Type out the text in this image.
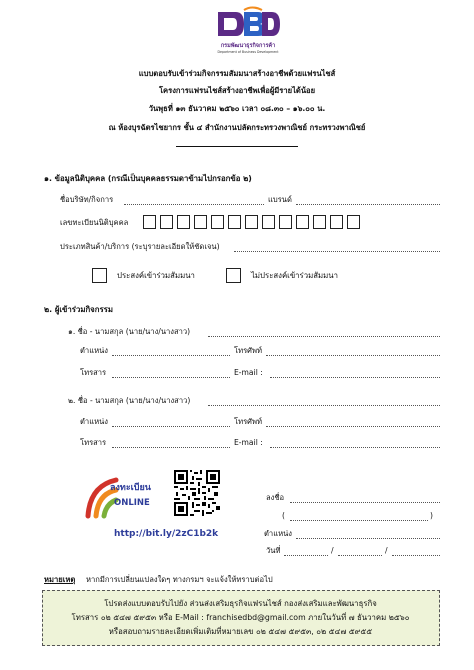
กรมพัฒนาธุรกิจการค้า
Department of Business Development
แบบตอบรับเข้าร่วมกิจกรรมสัมมนาสร้างอาชีพด้วยแฟรนไชส์
โครงการแฟรนไชส์สร้างอาชีพเพื่อผู้มีรายได้น้อย
วันพุธที่ ๑๓ ธันวาคม ๒๕๖๐ เวลา ๐๘.๓๐ – ๑๖.๐๐ น.
ณ ห้องบุรฉัตรไชยากร ชั้น ๔ สำนักงานปลัดกระทรวงพาณิชย์ กระทรวงพาณิชย์
๑. ข้อมูลนิติบุคคล (กรณีเป็นบุคคลธรรมดาข้ามไปกรอกข้อ ๒)
ชื่อบริษัท/กิจการ	แบรนด์
เลขทะเบียนนิติบุคคล
ประเภทสินค้า/บริการ (ระบุรายละเอียดให้ชัดเจน)
ประสงค์เข้าร่วมสัมมนา	ไม่ประสงค์เข้าร่วมสัมมนา
๒. ผู้เข้าร่วมกิจกรรม
๑. ชื่อ - นามสกุล (นาย/นาง/นางสาว)
ตำแหน่ง	โทรศัพท์
โทรสาร	E-mail :
๒. ชื่อ - นามสกุล (นาย/นาง/นางสาว)
ตำแหน่ง	โทรศัพท์
โทรสาร	E-mail :
ลงทะเบียน
ONLINE
http://bit.ly/2zC1b2k
ลงชื่อ
(	)
ตำแหน่ง
วันที่	/	/
หมายเหตุ หากมีการเปลี่ยนแปลงใดๆ ทางกรมฯ จะแจ้งให้ทราบต่อไป
โปรดส่งแบบตอบรับไปยัง ส่วนส่งเสริมธุรกิจแฟรนไชส์ กองส่งเสริมและพัฒนาธุรกิจ
โทรสาร ๐๒ ๕๔๗ ๕๙๕๓ หรือ E-Mail : franchisedbd@gmail.com ภายในวันที่ ๗ ธันวาคม ๒๕๖๐
หรือสอบถามรายละเอียดเพิ่มเติมที่หมายเลข ๐๒ ๕๔๗ ๕๙๕๓, ๐๒ ๕๔๗ ๕๙๕๕
